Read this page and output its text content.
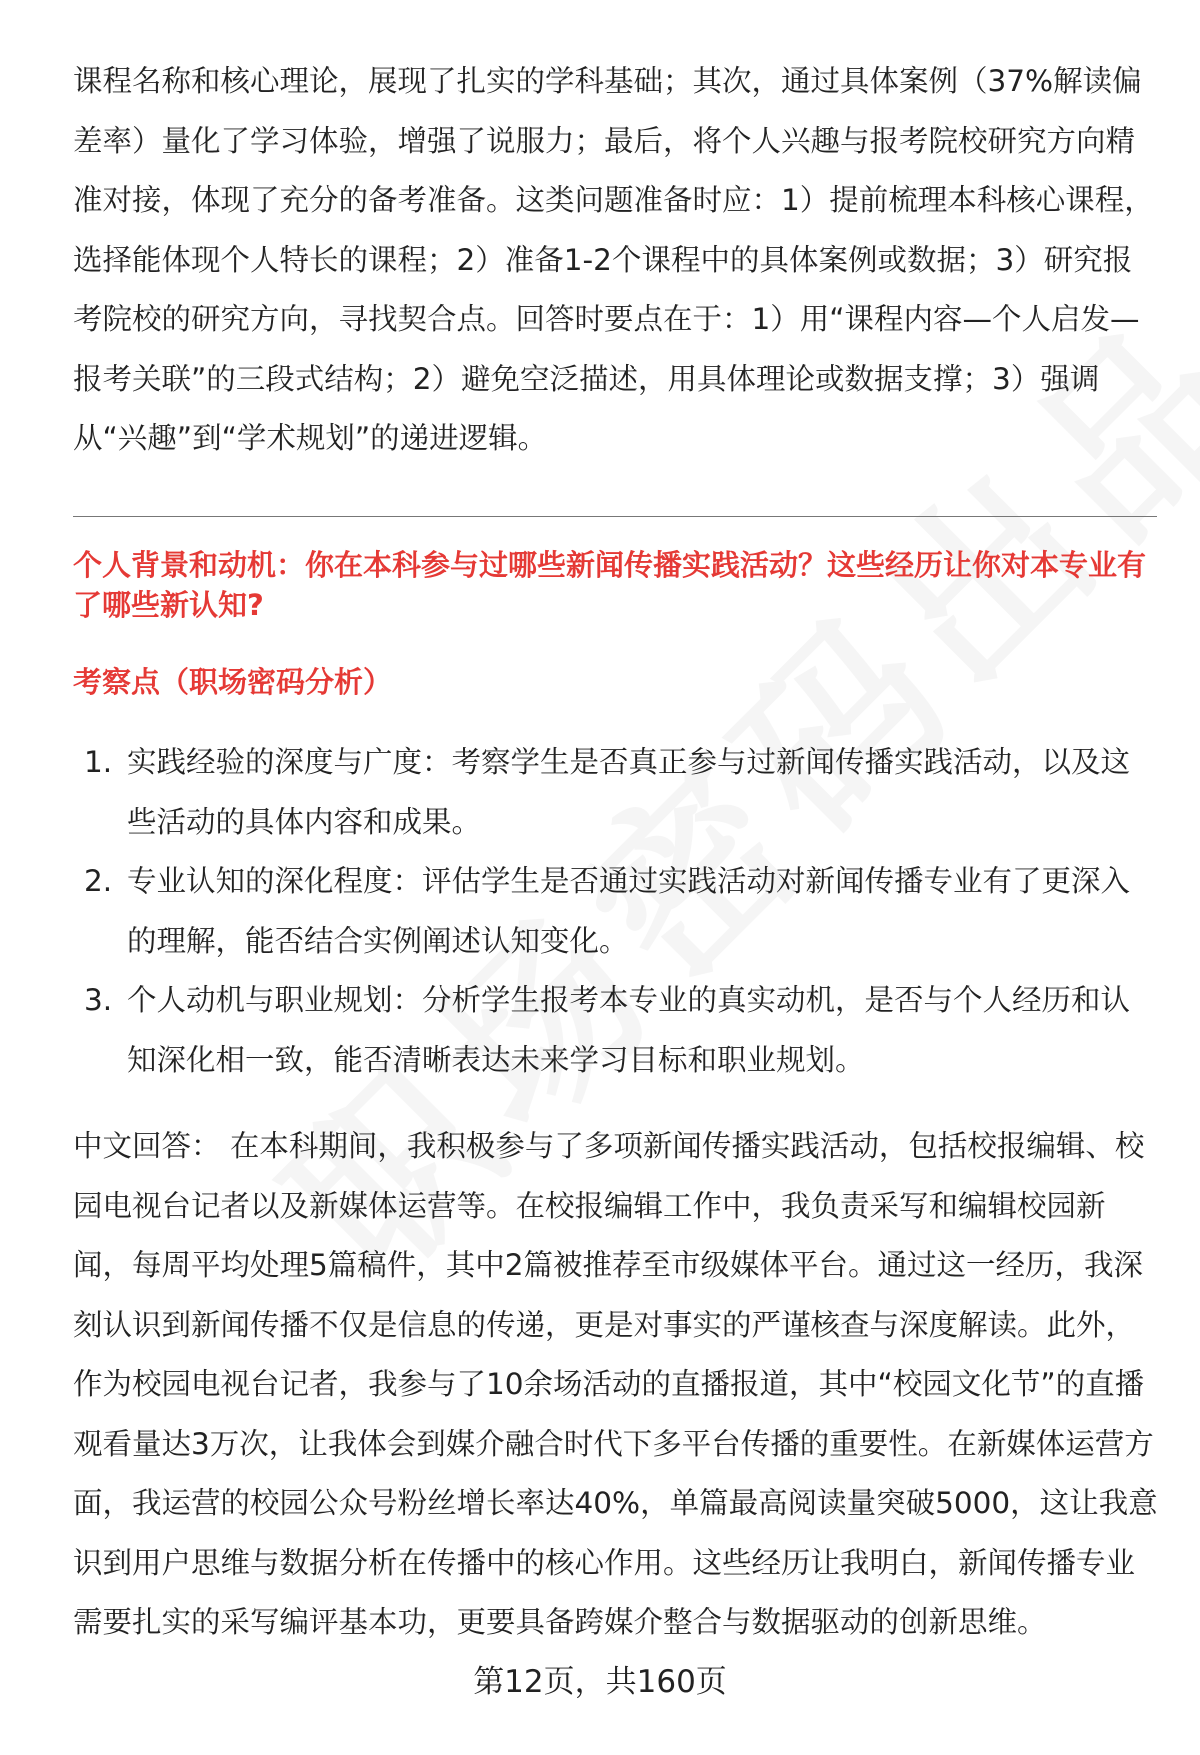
课程名称和核心理论，展现了扎实的学科基础；其次，通过具体案例（37%解读偏差率）量化了学习体验，增强了说服力；最后，将个人兴趣与报考院校研究方向精准对接，体现了充分的备考准备。这类问题准备时应：1）提前梳理本科核心课程，选择能体现个人特长的课程；2）准备1-2个课程中的具体案例或数据；3）研究报考院校的研究方向，寻找契合点。回答时要点在于：1）用“课程内容—个人启发—报考关联”的三段式结构；2）避免空泛描述，用具体理论或数据支撑；3）强调从“兴趣”到“学术规划”的递进逻辑。

个人背景和动机：你在本科参与过哪些新闻传播实践活动？这些经历让你对本专业有了哪些新认知?

考察点（职场密码分析）

1. 实践经验的深度与广度：考察学生是否真正参与过新闻传播实践活动，以及这些活动的具体内容和成果。
2. 专业认知的深化程度：评估学生是否通过实践活动对新闻传播专业有了更深入的理解，能否结合实例阐述认知变化。
3. 个人动机与职业规划：分析学生报考本专业的真实动机，是否与个人经历和认知深化相一致，能否清晰表达未来学习目标和职业规划。

中文回答： 在本科期间，我积极参与了多项新闻传播实践活动，包括校报编辑、校园电视台记者以及新媒体运营等。在校报编辑工作中，我负责采写和编辑校园新闻，每周平均处理5篇稿件，其中2篇被推荐至市级媒体平台。通过这一经历，我深刻认识到新闻传播不仅是信息的传递，更是对事实的严谨核查与深度解读。此外，作为校园电视台记者，我参与了10余场活动的直播报道，其中“校园文化节”的直播观看量达3万次，让我体会到媒介融合时代下多平台传播的重要性。在新媒体运营方面，我运营的校园公众号粉丝增长率达40%，单篇最高阅读量突破5000，这让我意识到用户思维与数据分析在传播中的核心作用。这些经历让我明白，新闻传播专业需要扎实的采写编评基本功，更要具备跨媒介整合与数据驱动的创新思维。

第12页，共160页
